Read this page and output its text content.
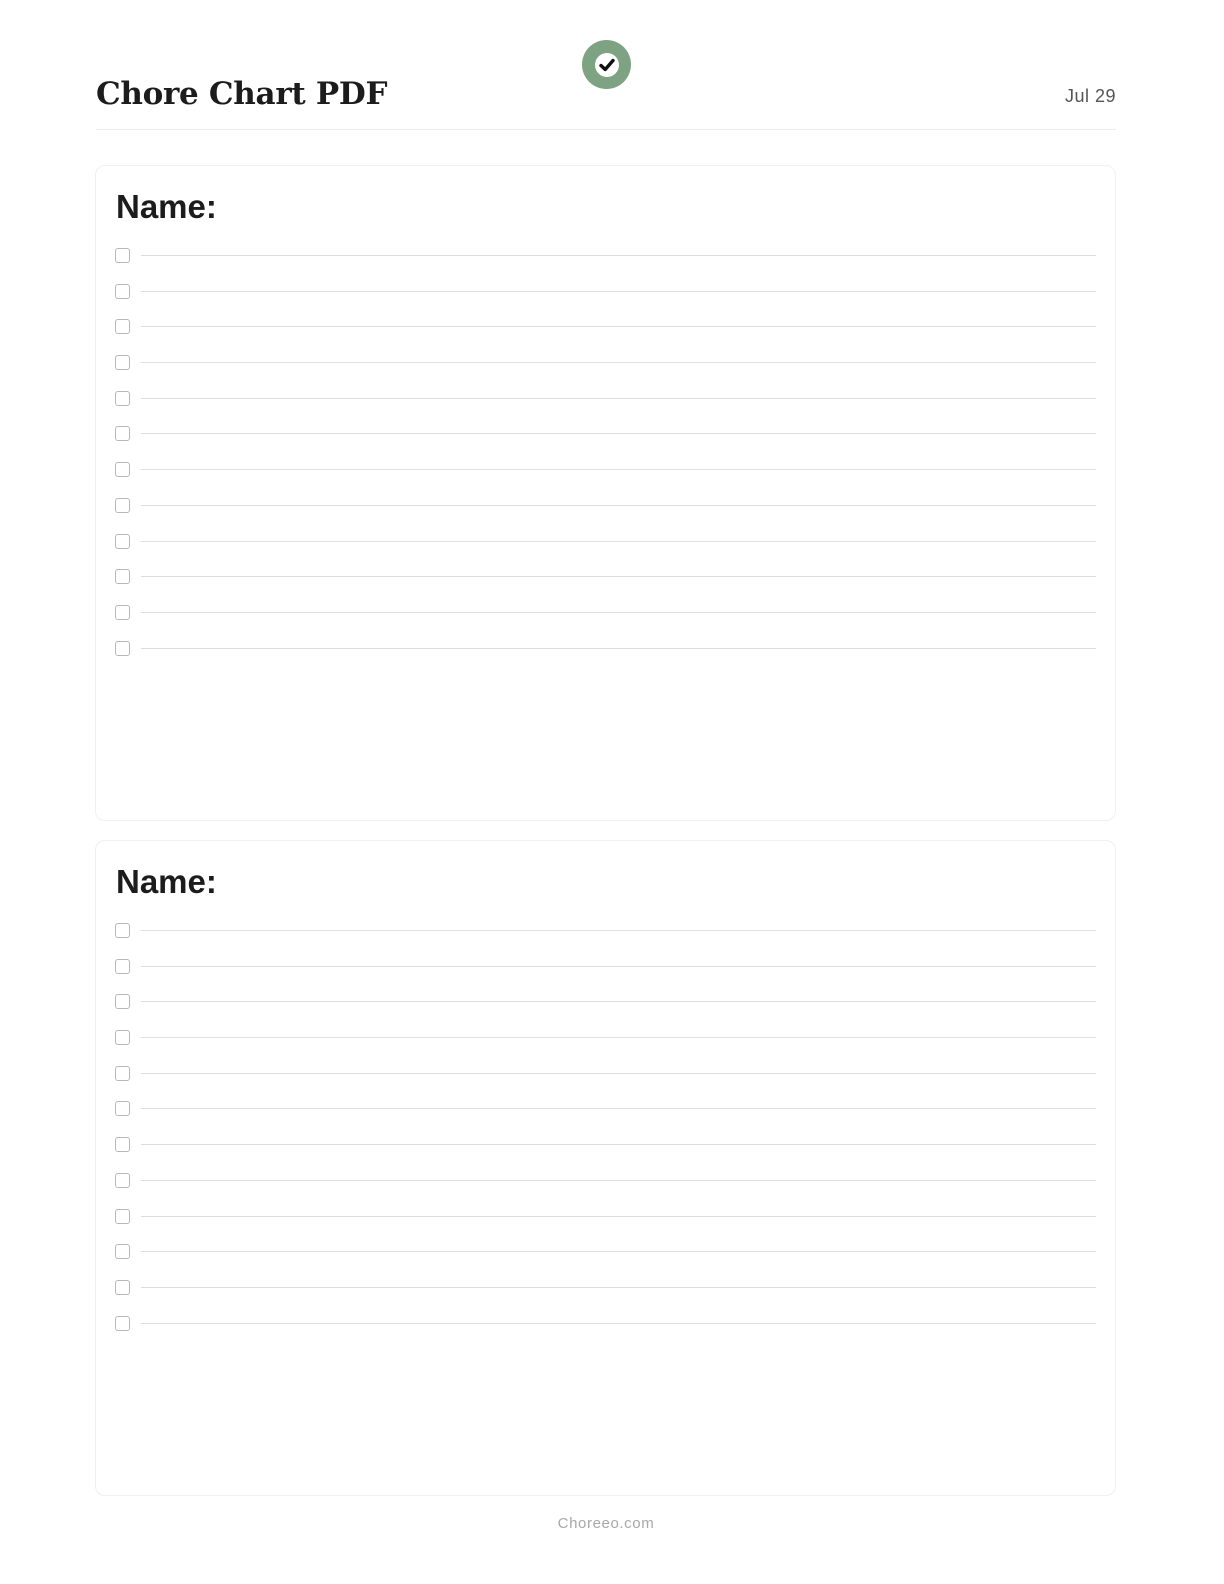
Chore Chart PDF	Jul 29
Name:
Name:
Choreeo.com
